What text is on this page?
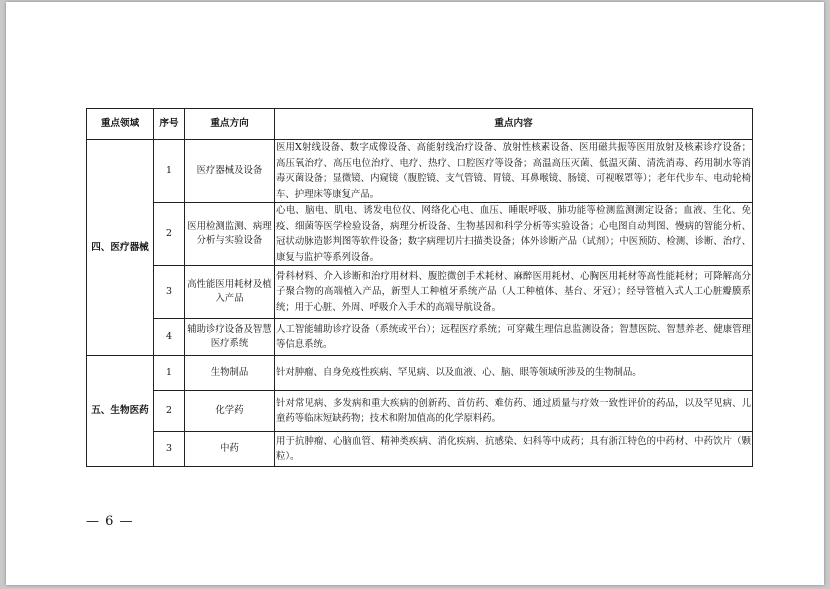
重点领域	序号	重点方向	重点内容
四、医疗器械	1	医疗器械及设备	医用X射线设备、数字成像设备、高能射线治疗设备、放射性核素设备、医用磁共振等医用放射及核素诊疗设备；高压氧治疗、高压电位治疗、电疗、热疗、口腔医疗等设备；高温高压灭菌、低温灭菌、清洗消毒、药用制水等消毒灭菌设备；显微镜、内窥镜（腹腔镜、支气管镜、胃镜、耳鼻喉镜、肠镜、可视喉罩等）；老年代步车、电动轮椅车、护理床等康复产品。
	2	医用检测监测、病理分析与实验设备	心电、脑电、肌电、诱发电位仪、网络化心电、血压、睡眠呼吸、肺功能等检测监测测定设备；血液、生化、免疫、细菌等医学检验设备，病理分析设备、生物基因和科学分析等实验设备；心电图自动判图、慢病的智能分析、冠状动脉造影判图等软件设备；数字病理切片扫描类设备；体外诊断产品（试剂）；中医预防、检测、诊断、治疗、康复与监护等系列设备。
	3	高性能医用耗材及植入产品	骨科材料、介入诊断和治疗用材料、腹腔微创手术耗材、麻醉医用耗材、心胸医用耗材等高性能耗材；可降解高分子聚合物的高端植入产品，新型人工种植牙系统产品（人工种植体、基台、牙冠）；经导管植入式人工心脏瓣膜系统；用于心脏、外周、呼吸介入手术的高端导航设备。
	4	辅助诊疗设备及智慧医疗系统	人工智能辅助诊疗设备（系统或平台）；远程医疗系统；可穿戴生理信息监测设备；智慧医院、智慧养老、健康管理等信息系统。
五、生物医药	1	生物制品	针对肿瘤、自身免疫性疾病、罕见病、以及血液、心、脑、眼等领域所涉及的生物制品。
	2	化学药	针对常见病、多发病和重大疾病的创新药、首仿药、难仿药、通过质量与疗效一致性评价的药品，以及罕见病、儿童药等临床短缺药物；技术和附加值高的化学原料药。
	3	中药	用于抗肿瘤、心脑血管、精神类疾病、消化疾病、抗感染、妇科等中成药；具有浙江特色的中药材、中药饮片（颗粒）。
— 6 —
